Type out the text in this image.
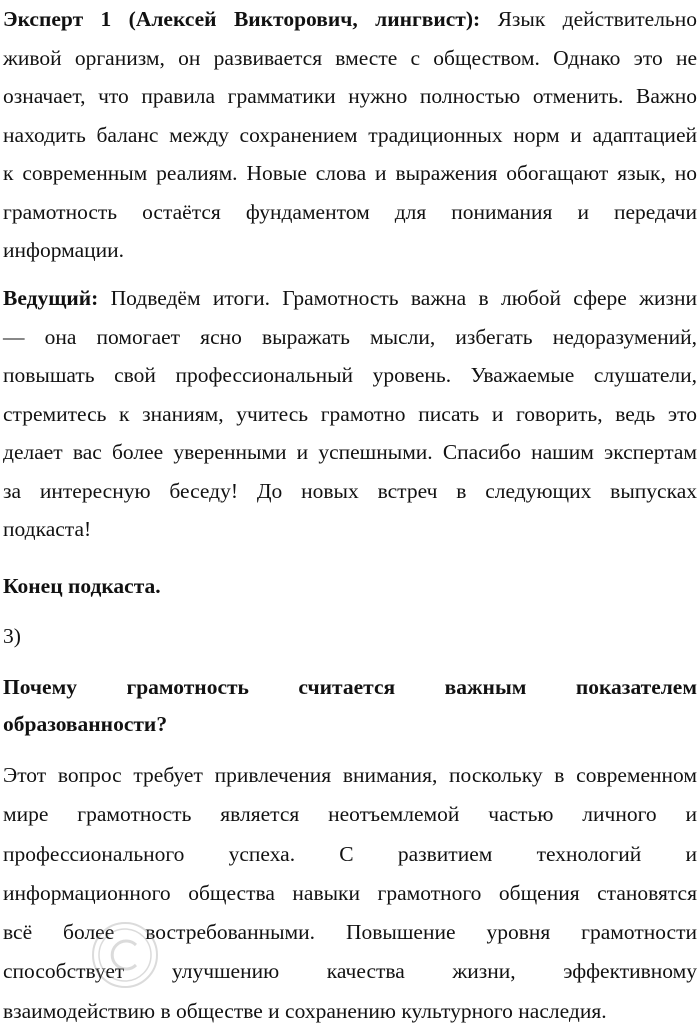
Эксперт 1 (Алексей Викторович, лингвист): Язык действительно
живой организм, он развивается вместе с обществом. Однако это не
означает, что правила грамматики нужно полностью отменить. Важно
находить баланс между сохранением традиционных норм и адаптацией
к современным реалиям. Новые слова и выражения обогащают язык, но
грамотность остаётся фундаментом для понимания и передачи
информации.
Ведущий: Подведём итоги. Грамотность важна в любой сфере жизни
— она помогает ясно выражать мысли, избегать недоразумений,
повышать свой профессиональный уровень. Уважаемые слушатели,
стремитесь к знаниям, учитесь грамотно писать и говорить, ведь это
делает вас более уверенными и успешными. Спасибо нашим экспертам
за интересную беседу! До новых встреч в следующих выпусках
подкаста!
Конец подкаста.
3)
Почему грамотность считается важным показателем
образованности?
Этот вопрос требует привлечения внимания, поскольку в современном
мире грамотность является неотъемлемой частью личного и
профессионального успеха. С развитием технологий и
информационного общества навыки грамотного общения становятся
всё более востребованными. Повышение уровня грамотности
способствует улучшению качества жизни, эффективному
взаимодействию в обществе и сохранению культурного наследия.
